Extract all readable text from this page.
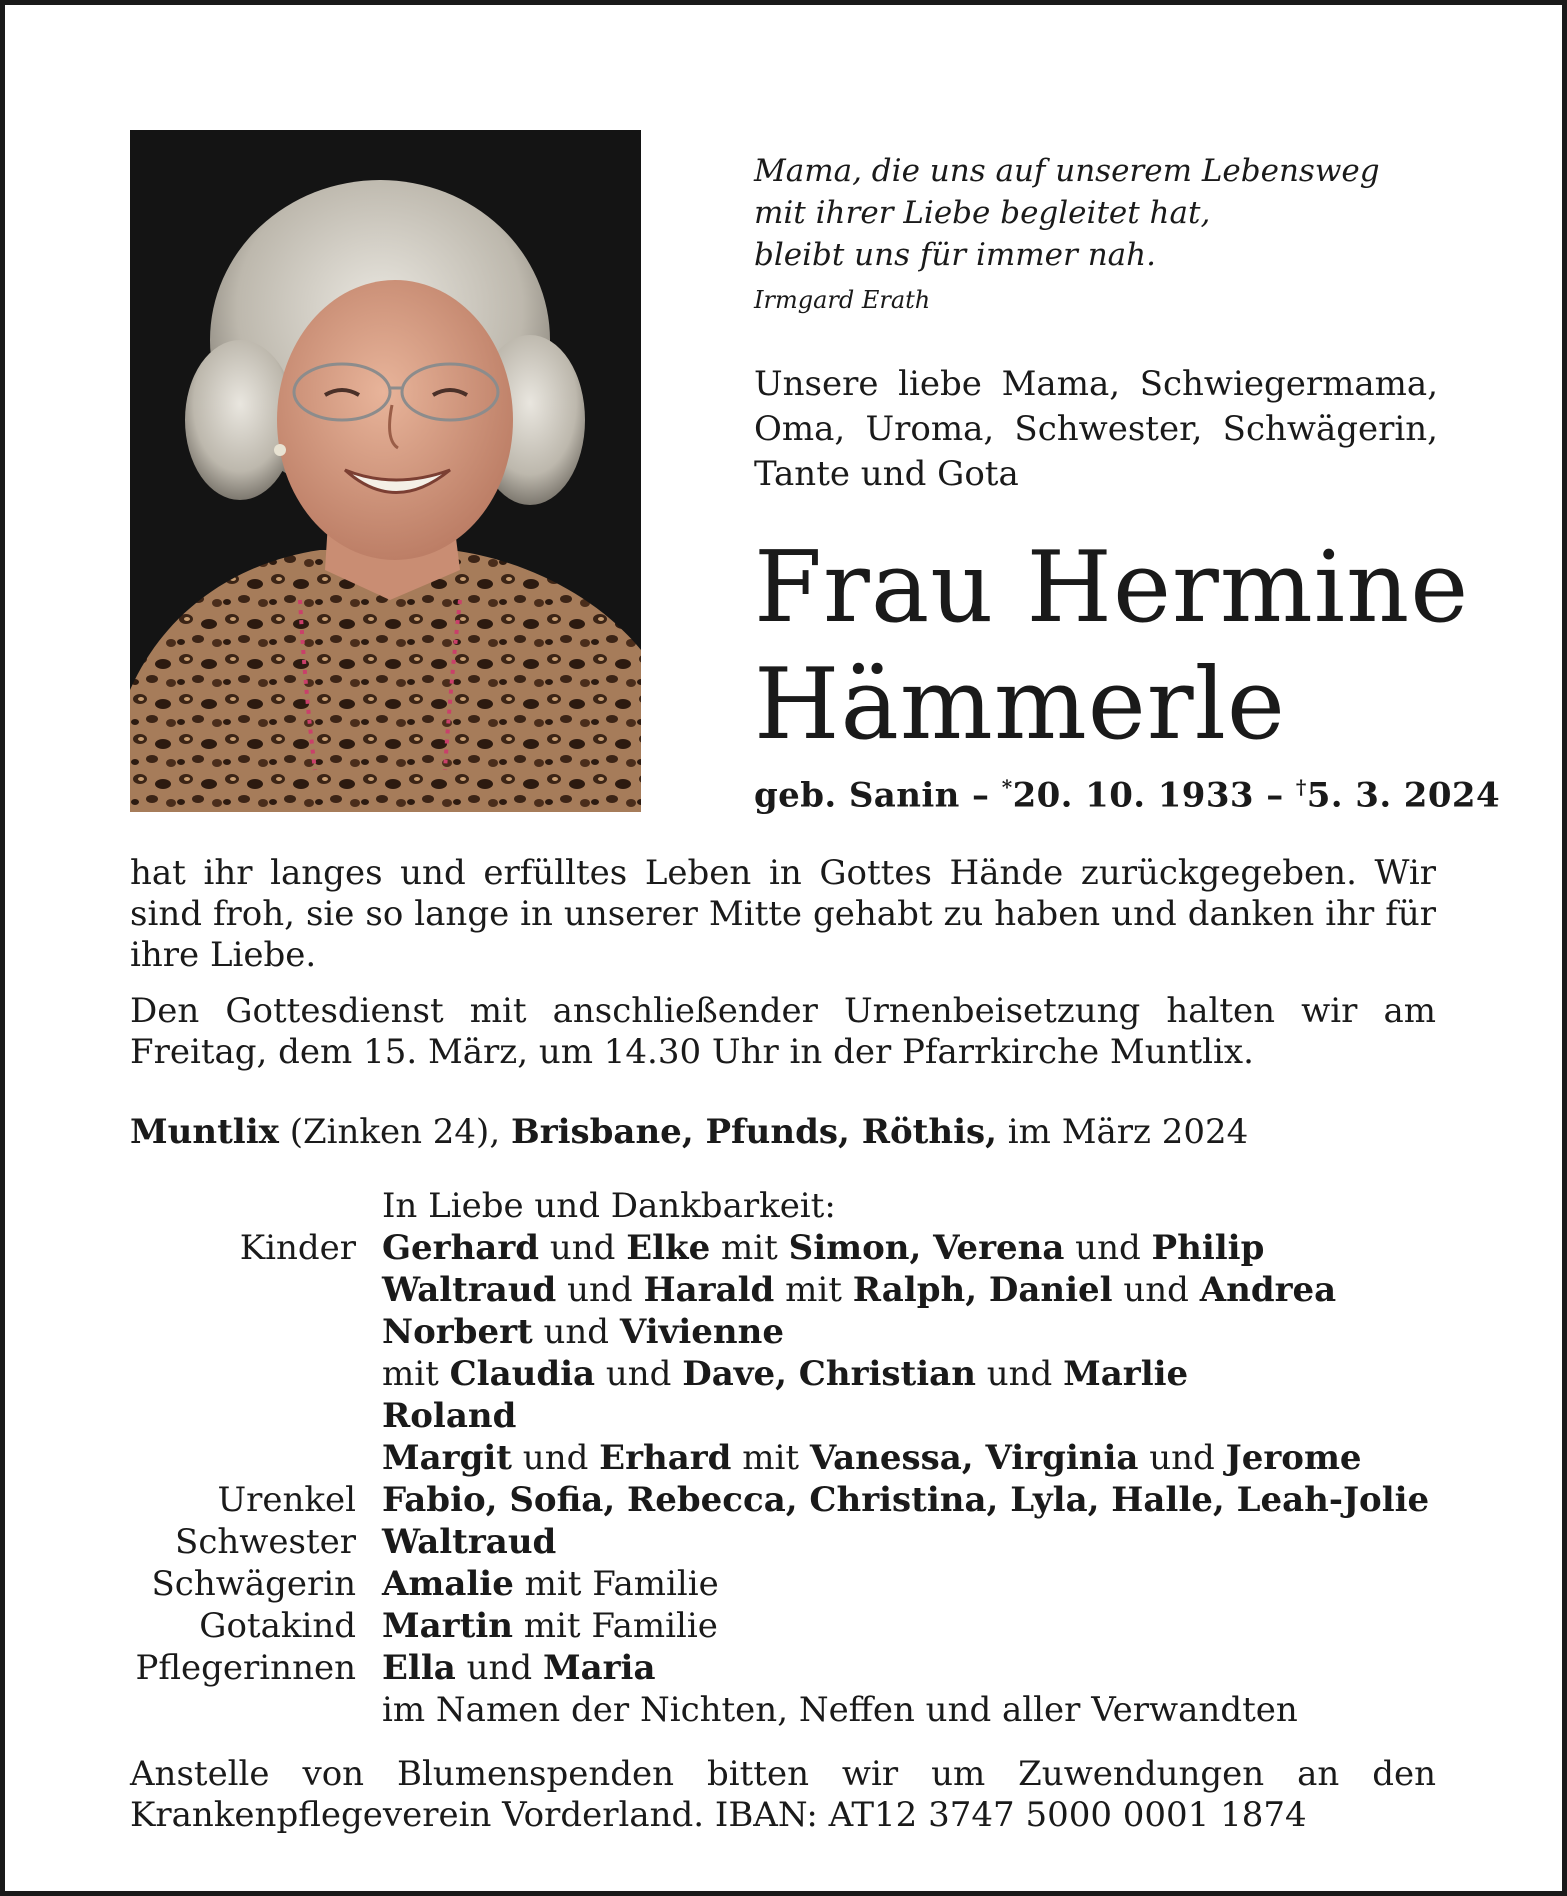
Mama, die uns auf unserem Lebensweg
mit ihrer Liebe begleitet hat,
bleibt uns für immer nah.
Irmgard Erath
Unsere liebe Mama, Schwiegermama, Oma, Uroma, Schwester, Schwägerin, Tante und Gota
Frau Hermine
Hämmerle
geb. Sanin – *20. 10. 1933 – †5. 3. 2024
hat ihr langes und erfülltes Leben in Gottes Hände zurückgegeben. Wir sind froh, sie so lange in unserer Mitte gehabt zu haben und danken ihr für ihre Liebe.
Den Gottesdienst mit anschließender Urnenbeisetzung halten wir am Freitag, dem 15. März, um 14.30 Uhr in der Pfarrkirche Muntlix.
Muntlix (Zinken 24), Brisbane, Pfunds, Röthis, im März 2024
In Liebe und Dankbarkeit:
Kinder Gerhard und Elke mit Simon, Verena und Philip
Waltraud und Harald mit Ralph, Daniel und Andrea
Norbert und Vivienne
mit Claudia und Dave, Christian und Marlie
Roland
Margit und Erhard mit Vanessa, Virginia und Jerome
Urenkel Fabio, Sofia, Rebecca, Christina, Lyla, Halle, Leah-Jolie
Schwester Waltraud
Schwägerin Amalie mit Familie
Gotakind Martin mit Familie
Pflegerinnen Ella und Maria
im Namen der Nichten, Neffen und aller Verwandten
Anstelle von Blumenspenden bitten wir um Zuwendungen an den Krankenpflegeverein Vorderland. IBAN: AT12 3747 5000 0001 1874
